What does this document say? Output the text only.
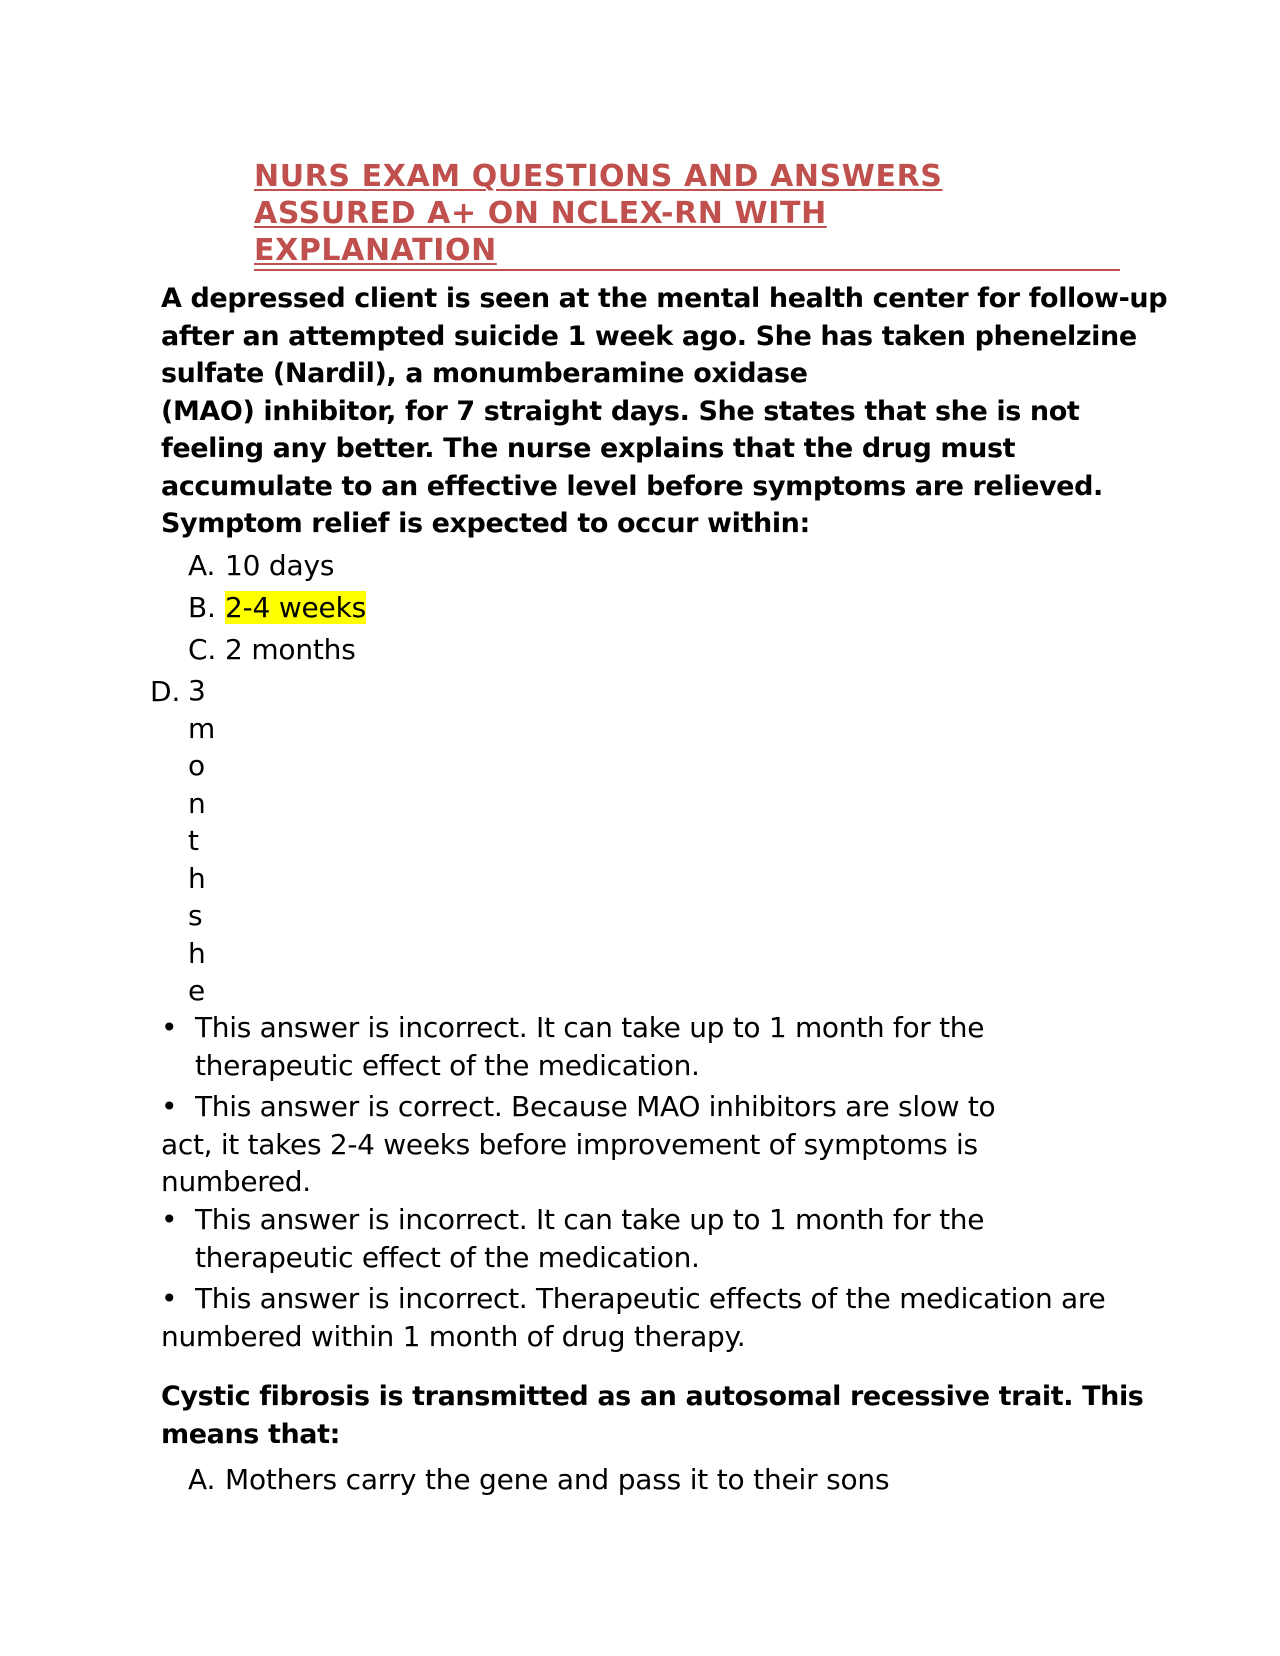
NURS EXAM QUESTIONS AND ANSWERS
ASSURED A+ ON NCLEX-RN WITH
EXPLANATION
A depressed client is seen at the mental health center for follow-up
after an attempted suicide 1 week ago. She has taken phenelzine
sulfate (Nardil), a monumberamine oxidase
(MAO) inhibitor, for 7 straight days. She states that she is not
feeling any better. The nurse explains that the drug must
accumulate to an effective level before symptoms are relieved.
Symptom relief is expected to occur within:
A. 10 days
B. 2-4 weeks
C. 2 months
D. 3
m
o
n
t
h
s
h
e
• This answer is incorrect. It can take up to 1 month for the
therapeutic effect of the medication.
• This answer is correct. Because MAO inhibitors are slow to
act, it takes 2-4 weeks before improvement of symptoms is
numbered.
• This answer is incorrect. It can take up to 1 month for the
therapeutic effect of the medication.
• This answer is incorrect. Therapeutic effects of the medication are
numbered within 1 month of drug therapy.
Cystic fibrosis is transmitted as an autosomal recessive trait. This
means that:
A. Mothers carry the gene and pass it to their sons
